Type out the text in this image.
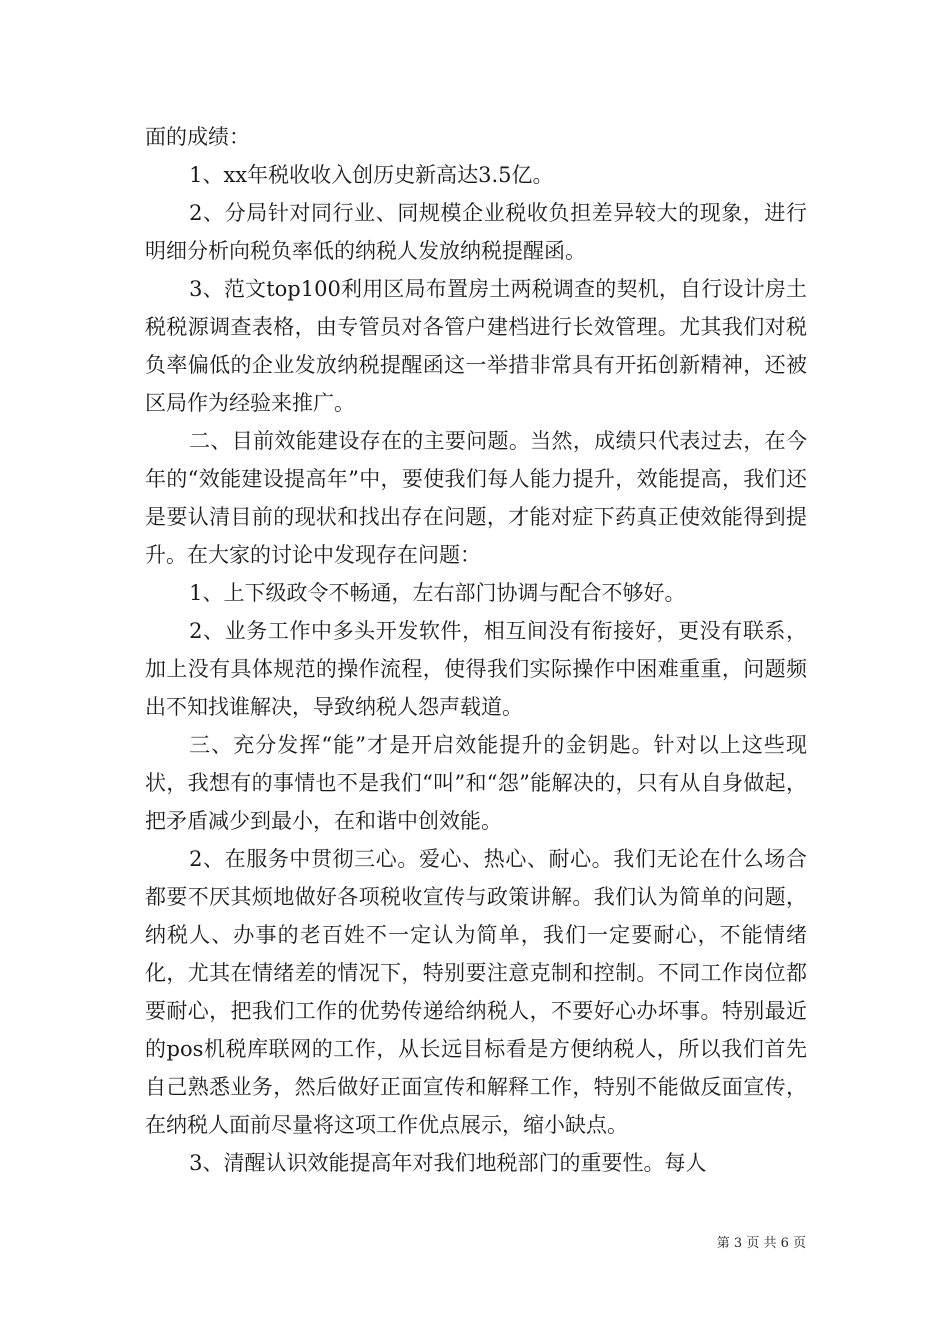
面的成绩：

1、xx年税收收入创历史新高达3.5亿。

2、分局针对同行业、同规模企业税收负担差异较大的现象，进行明细分析向税负率低的纳税人发放纳税提醒函。

3、范文top100利用区局布置房土两税调查的契机，自行设计房土税税源调查表格，由专管员对各管户建档进行长效管理。尤其我们对税负率偏低的企业发放纳税提醒函这一举措非常具有开拓创新精神，还被区局作为经验来推广。

二、目前效能建设存在的主要问题。当然，成绩只代表过去，在今年的“效能建设提高年”中，要使我们每人能力提升，效能提高，我们还是要认清目前的现状和找出存在问题，才能对症下药真正使效能得到提升。在大家的讨论中发现存在问题：

1、上下级政令不畅通，左右部门协调与配合不够好。

2、业务工作中多头开发软件，相互间没有衔接好，更没有联系，加上没有具体规范的操作流程，使得我们实际操作中困难重重，问题频出不知找谁解决，导致纳税人怨声载道。

三、充分发挥“能”才是开启效能提升的金钥匙。针对以上这些现状，我想有的事情也不是我们“叫”和“怨”能解决的，只有从自身做起，把矛盾减少到最小，在和谐中创效能。

2、在服务中贯彻三心。爱心、热心、耐心。我们无论在什么场合都要不厌其烦地做好各项税收宣传与政策讲解。我们认为简单的问题，纳税人、办事的老百姓不一定认为简单，我们一定要耐心，不能情绪化，尤其在情绪差的情况下，特别要注意克制和控制。不同工作岗位都要耐心，把我们工作的优势传递给纳税人，不要好心办坏事。特别最近的pos机税库联网的工作，从长远目标看是方便纳税人，所以我们首先自己熟悉业务，然后做好正面宣传和解释工作，特别不能做反面宣传，在纳税人面前尽量将这项工作优点展示，缩小缺点。

3、清醒认识效能提高年对我们地税部门的重要性。每人

第 3 页 共 6 页
